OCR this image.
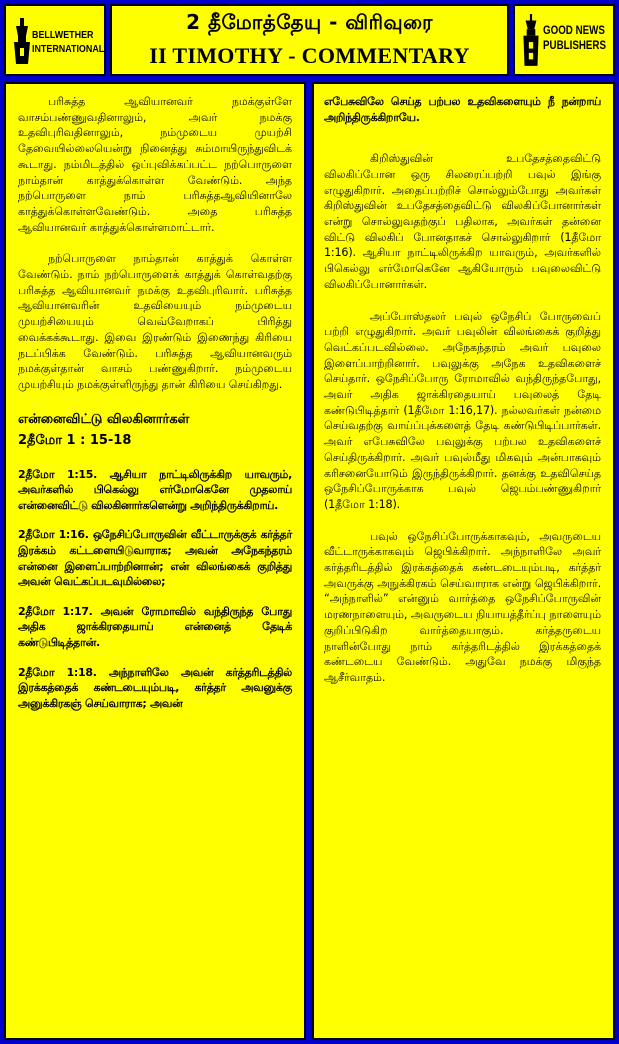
BELLWETHER
INTERNATIONAL
2 தீமோத்தேயு - விரிவுரை
II TIMOTHY - COMMENTARY
GOOD NEWS
PUBLISHERS

பரிசுத்த ஆவியானவர் நமக்குள்ளே வாசம்பண்ணுவதினாலும், அவர் நமக்கு உதவிபுரிவதினாலும், நம்முடைய முயற்சி தேவையில்லையென்று நினைத்து சும்மாயிருந்துவிடக் கூடாது. நம்மிடத்தில் ஒப்புவிக்கப்பட்ட நற்பொருளை நாம்தான் காத்துக்கொள்ள வேண்டும். அந்த நற்பொருளை நாம் பரிசுத்தஆவியினாலே காத்துக்கொள்ளவேண்டும். அதை பரிசுத்த ஆவியானவர் காத்துக்கொள்ளமாட்டார்.

நற்பொருளை நாம்தான் காத்துக் கொள்ள வேண்டும். நாம் நற்பொருளைக் காத்துக் கொள்வதற்கு பரிசுத்த ஆவியானவர் நமக்கு உதவிபுரிவார். பரிசுத்த ஆவியானவரின் உதவியையும் நம்முடைய முயற்சியையும் வெவ்வேறாகப் பிரித்து வைக்கக்கூடாது. இவை இரண்டும் இணைந்து கிரியை நடப்பிக்க வேண்டும். பரிசுத்த ஆவியானவரும் நமக்குள்தான் வாசம் பண்ணுகிறார். நம்முடைய முயற்சியும் நமக்குள்ளிருந்து தான் கிரியை செய்கிறது.

என்னைவிட்டு விலகினார்கள்
2தீமோ 1 : 15-18

2தீமோ 1:15. ஆசியா நாட்டிலிருக்கிற யாவரும், அவர்களில் பிகெல்லு எர்மோகெனே முதலாய் என்னைவிட்டு விலகினார்களென்று அறிந்திருக்கிறாய்.

2தீமோ 1:16. ஒநேசிப்போருவின் வீட்டாருக்குக் கர்த்தர் இரக்கம் கட்டளையிடுவாராக; அவன் அநேகந்தரம் என்னை இளைப்பாற்றினான்; என் விலங்கைக் குறித்து அவன் வெட்கப்படவுமில்லை;

2தீமோ 1:17. அவன் ரோமாவில் வந்திருந்த போது அதிக ஜாக்கிரதையாய் என்னைத் தேடிக் கண்டுபிடித்தான்.

2தீமோ 1:18. அந்நாளிலே அவன் கர்த்தரிடத்தில் இரக்கத்தைக் கண்டடையும்படி, கர்த்தர் அவனுக்கு அனுக்கிரகஞ் செய்வாராக; அவன்

எபேசுவிலே செய்த பற்பல உதவிகளையும் நீ நன்றாய் அறிந்திருக்கிறாயே.

கிறிஸ்துவின் உபதேசத்தைவிட்டு விலகிப்போன ஒரு சிலரைப்பற்றி பவுல் இங்கு எழுதுகிறார். அதைப்பற்றிச் சொல்லும்போது அவர்கள் கிறிஸ்துவின் உபதேசத்தைவிட்டு விலகிப்போனார்கள் என்று சொல்லுவதற்குப் பதிலாக, அவர்கள் தன்னை விட்டு விலகிப் போனதாகச் சொல்லுகிறார் (1தீமோ 1:16). ஆசியா நாட்டிலிருக்கிற யாவரும், அவர்களில் பிகெல்லு எர்மோகெனே ஆகியோரும் பவுலைவிட்டு விலகிப்போனார்கள்.

அப்போஸ்தலர் பவுல் ஒநேசிப் போருவைப் பற்றி எழுதுகிறார். அவர் பவுலின் விலங்கைக் குறித்து வெட்கப்படவில்லை. அநேகந்தரம் அவர் பவுலை இளைப்பாற்றினார். பவுலுக்கு அநேக உதவிகளைச் செய்தார். ஒநேசிப்போரு ரோமாவில் வந்திருந்தபோது, அவர் அதிக ஜாக்கிரதையாய் பவுலைத் தேடி கண்டுபிடித்தார் (1தீமோ 1:16,17). நல்லவர்கள் நன்மை செய்வதற்கு வாய்ப்புக்களைத் தேடி கண்டுபிடிப்பார்கள். அவர் எபேசுவிலே பவுலுக்கு பற்பல உதவிகளைச் செய்திருக்கிறார். அவர் பவுல்மீது மிகவும் அன்பாகவும் கரிசனையோடும் இருந்திருக்கிறார். தனக்கு உதவிசெய்த ஒநேசிப்போருக்காக பவுல் ஜெபம்பண்ணுகிறார் (1தீமோ 1:18).

பவுல் ஒநேசிப்போருக்காகவும், அவருடைய வீட்டாருக்காகவும் ஜெபிக்கிறார். அந்நாளிலே அவர் கர்த்தரிடத்தில் இரக்கத்தைக் கண்டடையும்படி, கர்த்தர் அவருக்கு அநுக்கிரகம் செய்வாராக என்று ஜெபிக்கிறார். “அந்நாளில்” என்னும் வார்த்தை ஒநேசிப்போருவின் மரணநாளையும், அவருடைய நியாயத்தீர்ப்பு நாளையும் குறிப்பிடுகிற வார்த்தையாகும். கர்த்தருடைய நாளின்போது நாம் கர்த்தரிடத்தில் இரக்கத்தைக் கண்டடைய வேண்டும். அதுவே நமக்கு மிகுந்த ஆசீர்வாதம்.
